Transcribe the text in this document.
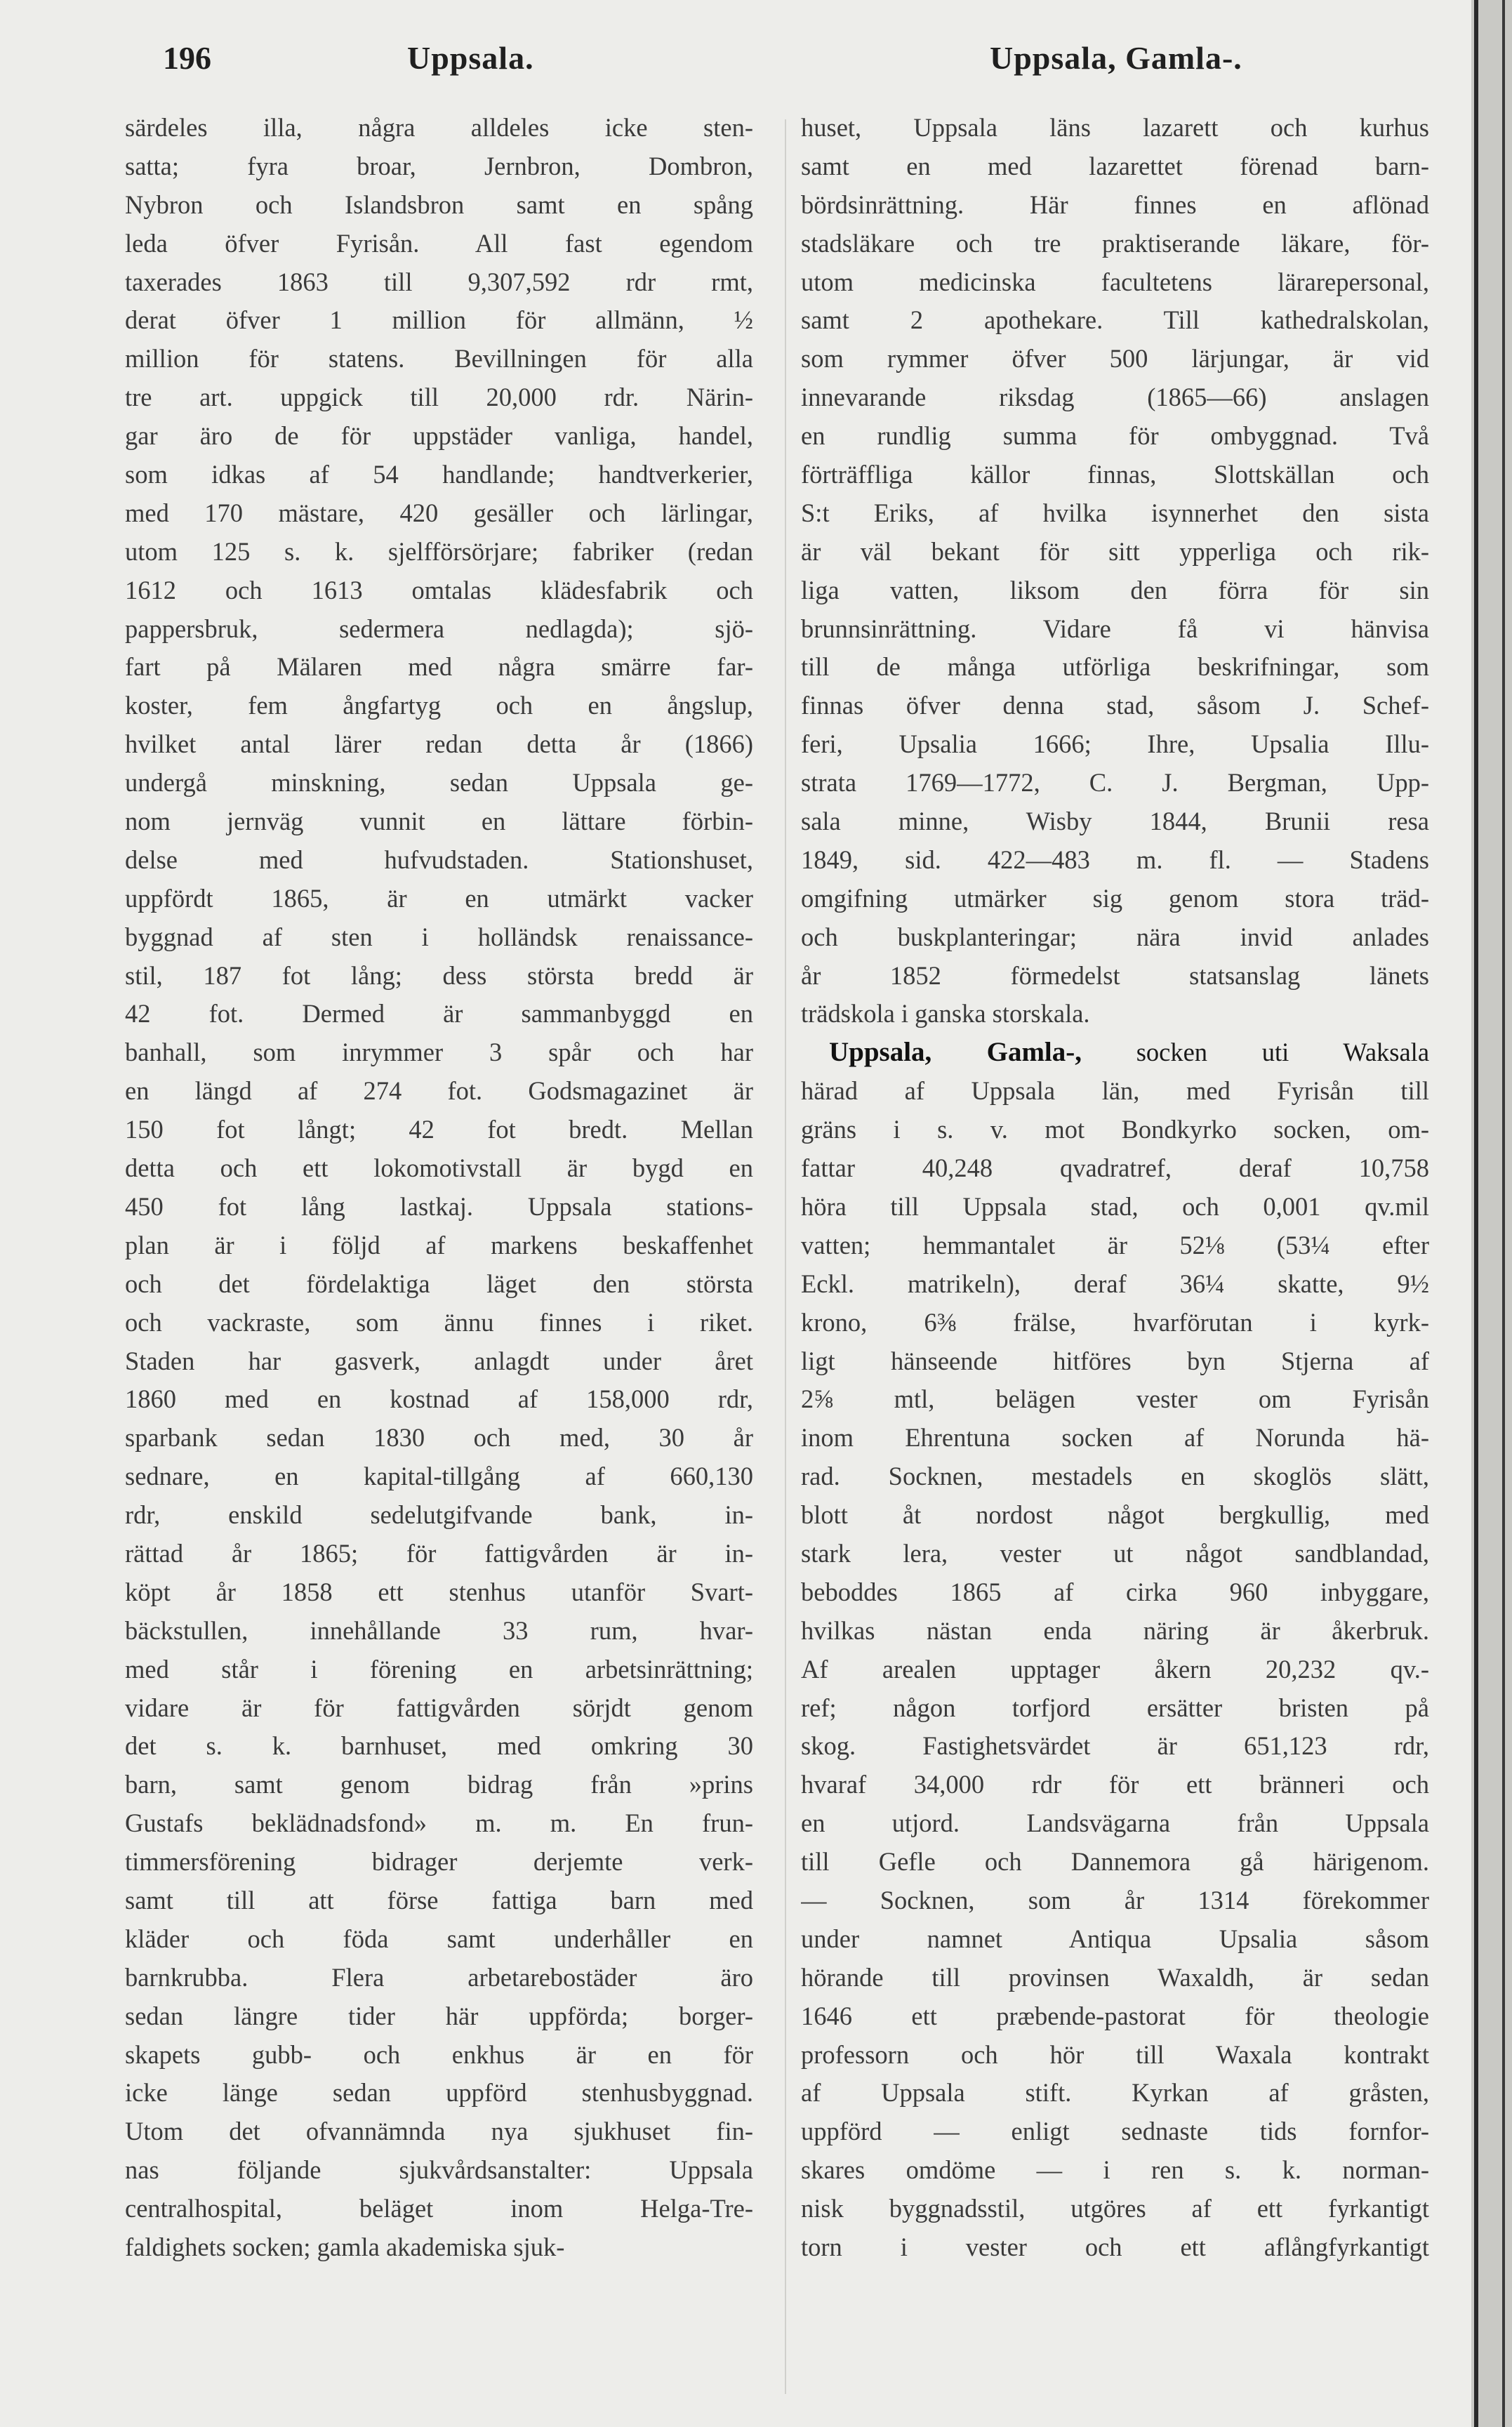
196	Uppsala.	Uppsala, Gamla-.
särdeles illa, några alldeles icke sten-
satta; fyra broar, Jernbron, Dombron,
Nybron och Islandsbron samt en spång
leda öfver Fyrisån. All fast egendom
taxerades 1863 till 9,307,592 rdr rmt,
derat öfver 1 million för allmänn, ½
million för statens. Bevillningen för alla
tre art. uppgick till 20,000 rdr. Närin-
gar äro de för uppstäder vanliga, handel,
som idkas af 54 handlande; handtverkerier,
med 170 mästare, 420 gesäller och lärlingar,
utom 125 s. k. sjelfförsörjare; fabriker (redan
1612 och 1613 omtalas klädesfabrik och
pappersbruk, sedermera nedlagda); sjö-
fart på Mälaren med några smärre far-
koster, fem ångfartyg och en ångslup,
hvilket antal lärer redan detta år (1866)
undergå minskning, sedan Uppsala ge-
nom jernväg vunnit en lättare förbin-
delse med hufvudstaden. Stationshuset,
uppfördt 1865, är en utmärkt vacker
byggnad af sten i holländsk renaissance-
stil, 187 fot lång; dess största bredd är
42 fot. Dermed är sammanbyggd en
banhall, som inrymmer 3 spår och har
en längd af 274 fot. Godsmagazinet är
150 fot långt; 42 fot bredt. Mellan
detta och ett lokomotivstall är bygd en
450 fot lång lastkaj. Uppsala stations-
plan är i följd af markens beskaffenhet
och det fördelaktiga läget den största
och vackraste, som ännu finnes i riket.
Staden har gasverk, anlagdt under året
1860 med en kostnad af 158,000 rdr,
sparbank sedan 1830 och med, 30 år
sednare, en kapital-tillgång af 660,130
rdr, enskild sedelutgifvande bank, in-
rättad år 1865; för fattigvården är in-
köpt år 1858 ett stenhus utanför Svart-
bäckstullen, innehållande 33 rum, hvar-
med står i förening en arbetsinrättning;
vidare är för fattigvården sörjdt genom
det s. k. barnhuset, med omkring 30
barn, samt genom bidrag från »prins
Gustafs beklädnadsfond» m. m. En frun-
timmersförening bidrager derjemte verk-
samt till att förse fattiga barn med
kläder och föda samt underhåller en
barnkrubba. Flera arbetarebostäder äro
sedan längre tider här uppförda; borger-
skapets gubb- och enkhus är en för
icke länge sedan uppförd stenhusbyggnad.
Utom det ofvannämnda nya sjukhuset fin-
nas följande sjukvårdsanstalter: Uppsala
centralhospital, beläget inom Helga-Tre-
faldighets socken; gamla akademiska sjuk-
huset, Uppsala läns lazarett och kurhus
samt en med lazarettet förenad barn-
bördsinrättning. Här finnes en aflönad
stadsläkare och tre praktiserande läkare, för-
utom medicinska facultetens lärarepersonal,
samt 2 apothekare. Till kathedralskolan,
som rymmer öfver 500 lärjungar, är vid
innevarande riksdag (1865—66) anslagen
en rundlig summa för ombyggnad. Två
förträffliga källor finnas, Slottskällan och
S:t Eriks, af hvilka isynnerhet den sista
är väl bekant för sitt ypperliga och rik-
liga vatten, liksom den förra för sin
brunnsinrättning. Vidare få vi hänvisa
till de många utförliga beskrifningar, som
finnas öfver denna stad, såsom J. Schef-
feri, Upsalia 1666; Ihre, Upsalia Illu-
strata 1769—1772, C. J. Bergman, Upp-
sala minne, Wisby 1844, Brunii resa
1849, sid. 422—483 m. fl. — Stadens
omgifning utmärker sig genom stora träd-
och buskplanteringar; nära invid anlades
år 1852 förmedelst statsanslag länets
trädskola i ganska storskala.
Uppsala, Gamla-, socken uti Waksala
härad af Uppsala län, med Fyrisån till
gräns i s. v. mot Bondkyrko socken, om-
fattar 40,248 qvadratref, deraf 10,758
höra till Uppsala stad, och 0,001 qv.mil
vatten; hemmantalet är 52⅛ (53¼ efter
Eckl. matrikeln), deraf 36¼ skatte, 9½
krono, 6⅜ frälse, hvarförutan i kyrk-
ligt hänseende hitföres byn Stjerna af
2⅝ mtl, belägen vester om Fyrisån
inom Ehrentuna socken af Norunda hä-
rad. Socknen, mestadels en skoglös slätt,
blott åt nordost något bergkullig, med
stark lera, vester ut något sandblandad,
beboddes 1865 af cirka 960 inbyggare,
hvilkas nästan enda näring är åkerbruk.
Af arealen upptager åkern 20,232 qv.-
ref; någon torfjord ersätter bristen på
skog. Fastighetsvärdet är 651,123 rdr,
hvaraf 34,000 rdr för ett bränneri och
en utjord. Landsvägarna från Uppsala
till Gefle och Dannemora gå härigenom.
— Socknen, som år 1314 förekommer
under namnet Antiqua Upsalia såsom
hörande till provinsen Waxaldh, är sedan
1646 ett præbende-pastorat för theologie
professorn och hör till Waxala kontrakt
af Uppsala stift. Kyrkan af gråsten,
uppförd — enligt sednaste tids fornfor-
skares omdöme — i ren s. k. norman-
nisk byggnadsstil, utgöres af ett fyrkantigt
torn i vester och ett aflångfyrkantigt
